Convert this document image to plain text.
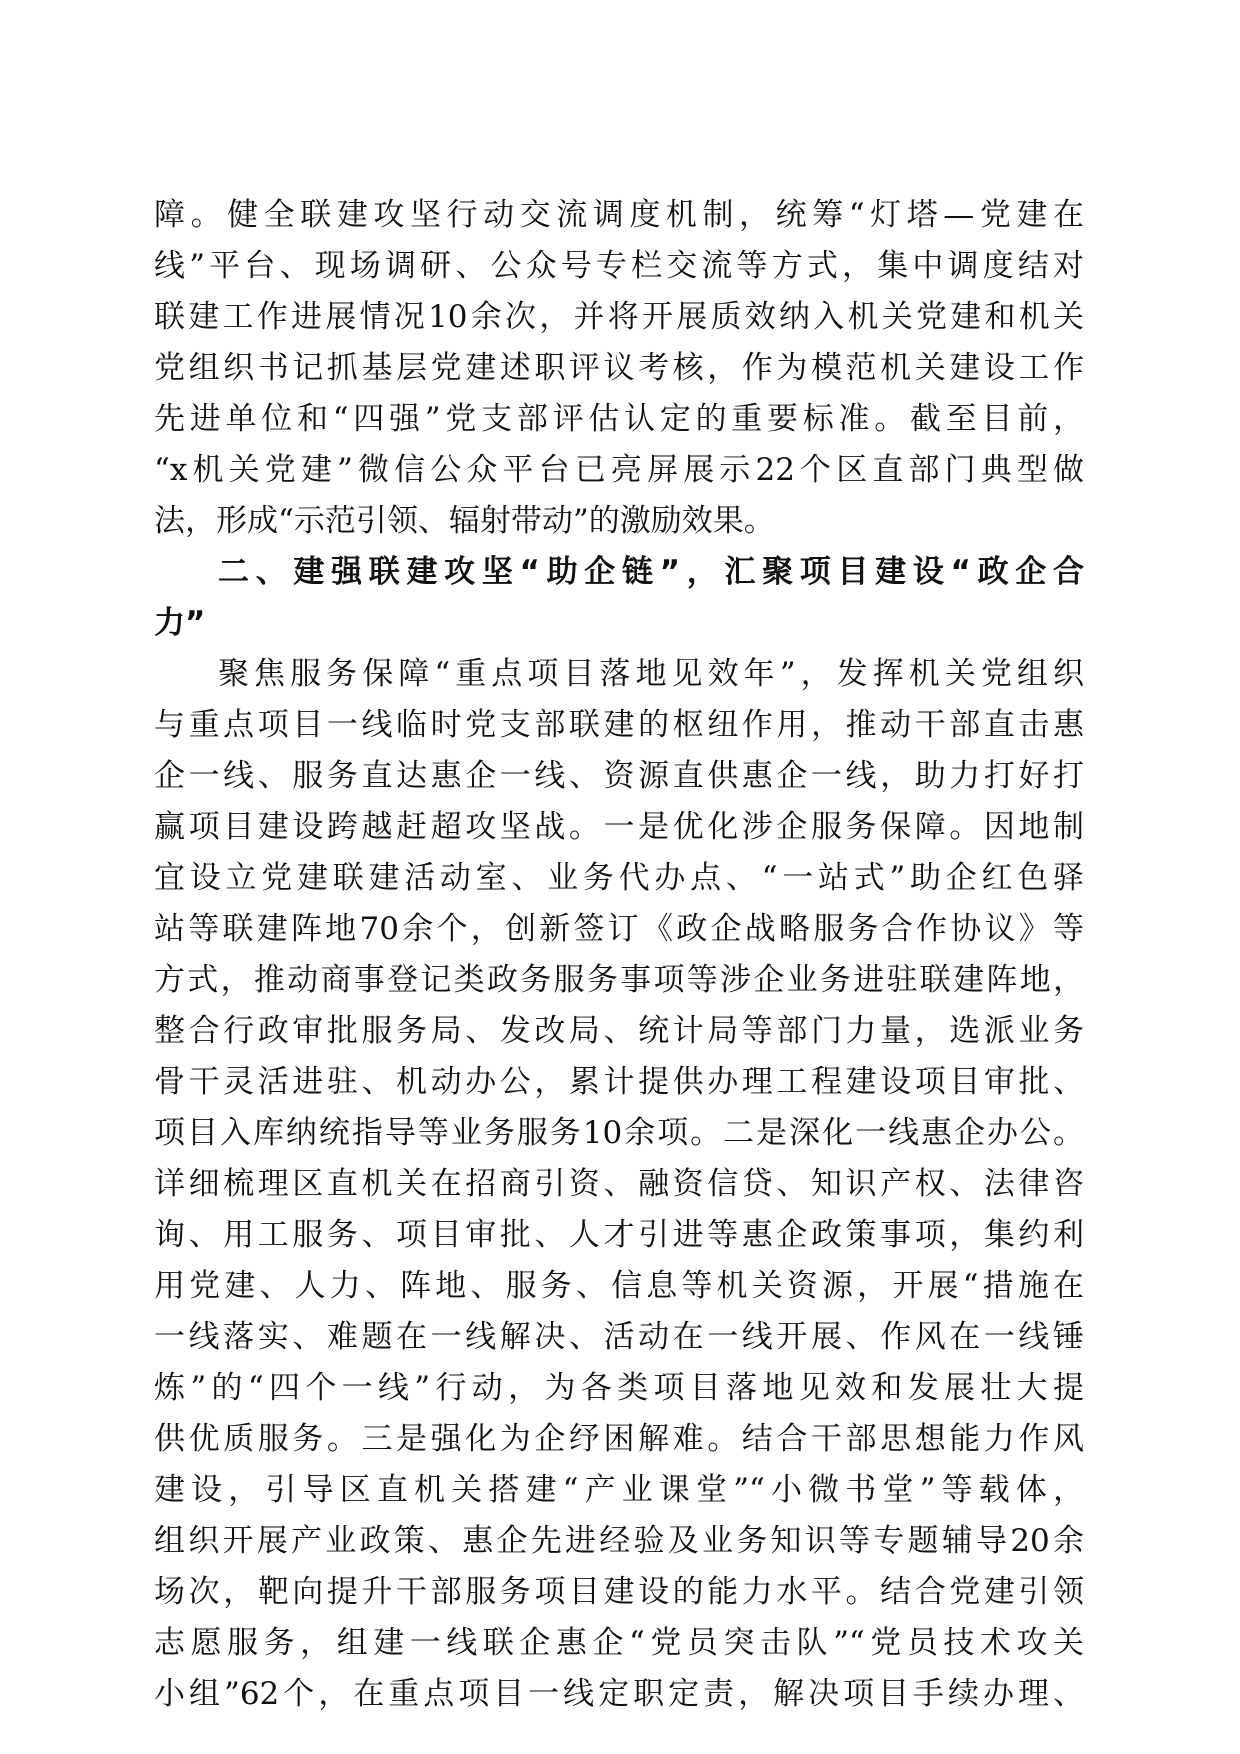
障。健全联建攻坚行动交流调度机制，统筹“灯塔—党建在
线”平台、现场调研、公众号专栏交流等方式，集中调度结对
联建工作进展情况10余次，并将开展质效纳入机关党建和机关
党组织书记抓基层党建述职评议考核，作为模范机关建设工作
先进单位和“四强”党支部评估认定的重要标准。截至目前，
“x机关党建”微信公众平台已亮屏展示22个区直部门典型做
法，形成“示范引领、辐射带动”的激励效果。
二、建强联建攻坚“助企链”，汇聚项目建设“政企合
力”
聚焦服务保障“重点项目落地见效年”，发挥机关党组织
与重点项目一线临时党支部联建的枢纽作用，推动干部直击惠
企一线、服务直达惠企一线、资源直供惠企一线，助力打好打
赢项目建设跨越赶超攻坚战。一是优化涉企服务保障。因地制
宜设立党建联建活动室、业务代办点、“一站式”助企红色驿
站等联建阵地70余个，创新签订《政企战略服务合作协议》等
方式，推动商事登记类政务服务事项等涉企业务进驻联建阵地，
整合行政审批服务局、发改局、统计局等部门力量，选派业务
骨干灵活进驻、机动办公，累计提供办理工程建设项目审批、
项目入库纳统指导等业务服务10余项。二是深化一线惠企办公。
详细梳理区直机关在招商引资、融资信贷、知识产权、法律咨
询、用工服务、项目审批、人才引进等惠企政策事项，集约利
用党建、人力、阵地、服务、信息等机关资源，开展“措施在
一线落实、难题在一线解决、活动在一线开展、作风在一线锤
炼”的“四个一线”行动，为各类项目落地见效和发展壮大提
供优质服务。三是强化为企纾困解难。结合干部思想能力作风
建设，引导区直机关搭建“产业课堂”“小微书堂”等载体，
组织开展产业政策、惠企先进经验及业务知识等专题辅导20余
场次，靶向提升干部服务项目建设的能力水平。结合党建引领
志愿服务，组建一线联企惠企“党员突击队”“党员技术攻关
小组”62个，在重点项目一线定职定责，解决项目手续办理、
